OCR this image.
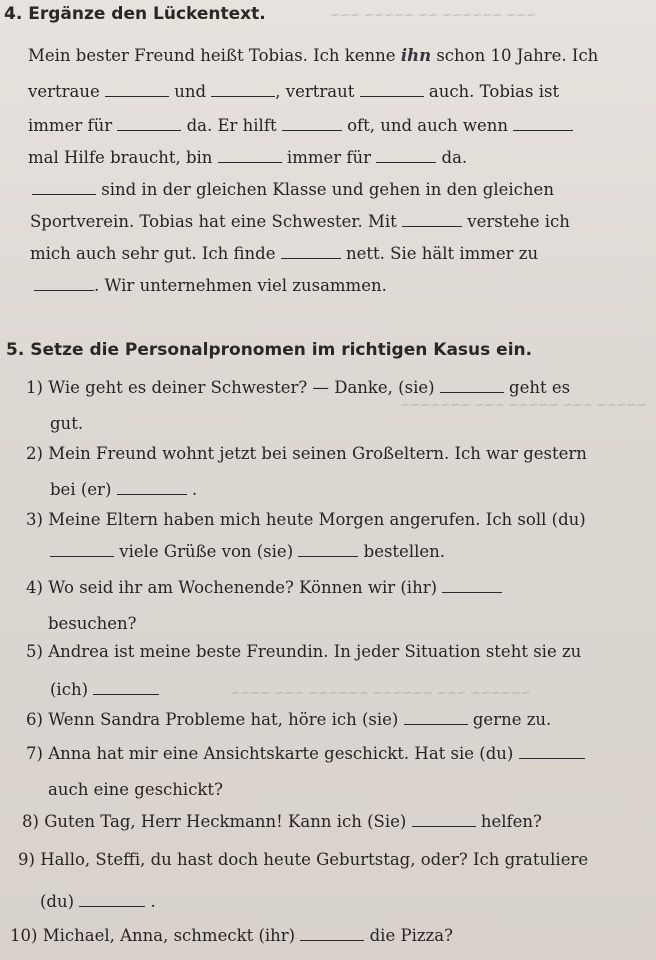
~~~ ~~~~~~ ~~ ~~~~~ ~~~
~~~~~ ~~~ ~~~~~ ~~~ ~~~~~~~
~~~~~~ ~~~ ~~~~~~ ~~~~~~ ~~~ ~~~~
4. Ergänze den Lückentext.
Mein bester Freund heißt Tobias. Ich kenne ihn schon 10 Jahre. Ich
vertraue	und	, vertraut	auch. Tobias ist
immer für	da. Er hilft	oft, und auch wenn
mal Hilfe braucht, bin	immer für	da.
sind in der gleichen Klasse und gehen in den gleichen
Sportverein. Tobias hat eine Schwester. Mit	verstehe ich
mich auch sehr gut. Ich finde	nett. Sie hält immer zu
. Wir unternehmen viel zusammen.
5. Setze die Personalpronomen im richtigen Kasus ein.
1) Wie geht es deiner Schwester? — Danke, (sie)	geht es
gut.
2) Mein Freund wohnt jetzt bei seinen Großeltern. Ich war gestern
bei (er)	.
3) Meine Eltern haben mich heute Morgen angerufen. Ich soll (du)
viele Grüße von (sie)	bestellen.
4) Wo seid ihr am Wochenende? Können wir (ihr)
besuchen?
5) Andrea ist meine beste Freundin. In jeder Situation steht sie zu
(ich)
6) Wenn Sandra Probleme hat, höre ich (sie)	gerne zu.
7) Anna hat mir eine Ansichtskarte geschickt. Hat sie (du)
auch eine geschickt?
8) Guten Tag, Herr Heckmann! Kann ich (Sie)	helfen?
9) Hallo, Steffi, du hast doch heute Geburtstag, oder? Ich gratuliere
(du)	.
10) Michael, Anna, schmeckt (ihr)	die Pizza?
